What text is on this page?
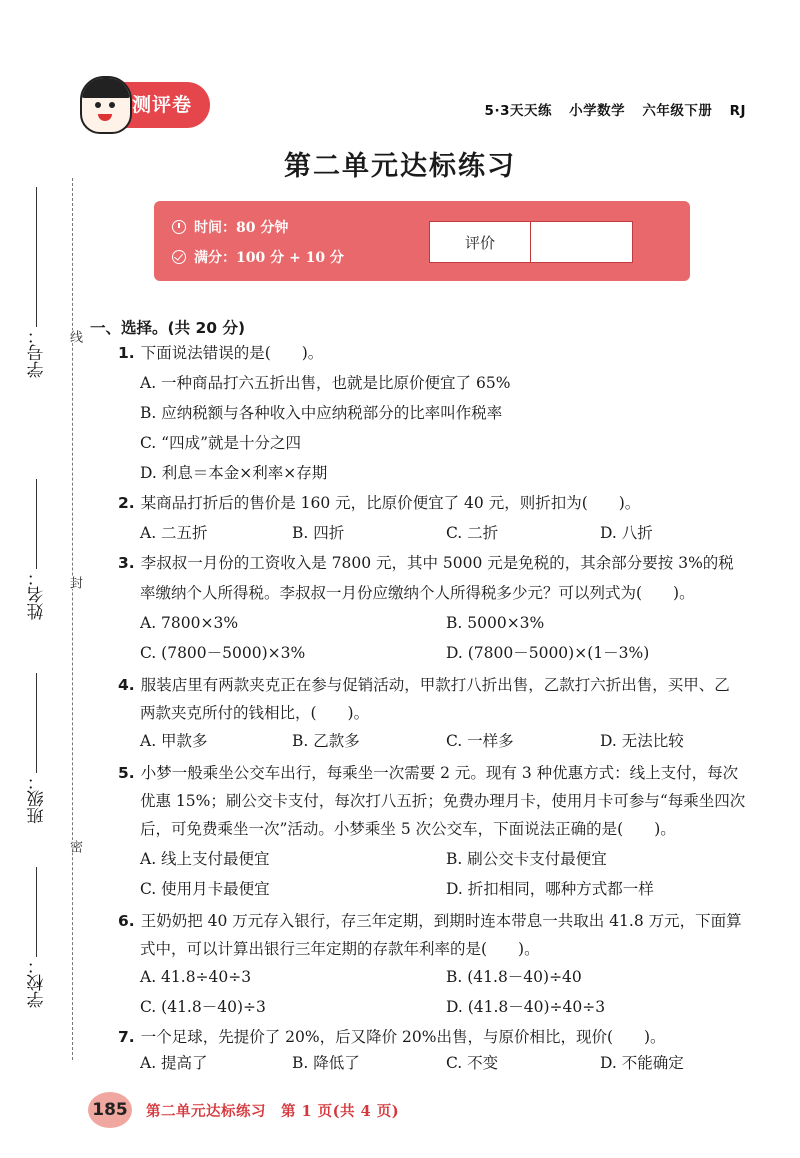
测评卷	5·3天天练 小学数学 六年级下册 RJ
第二单元达标练习
时间：80 分钟
满分：100 分 + 10 分
评价
线
封
密
学号：
姓名：
班级：
学校：
一、选择。(共 20 分)
1. 下面说法错误的是(　　)。
A. 一种商品打六五折出售，也就是比原价便宜了 65%
B. 应纳税额与各种收入中应纳税部分的比率叫作税率
C. “四成”就是十分之四
D. 利息＝本金×利率×存期
2. 某商品打折后的售价是 160 元，比原价便宜了 40 元，则折扣为(　　)。
A. 二五折	B. 四折	C. 二折	D. 八折
3. 李叔叔一月份的工资收入是 7800 元，其中 5000 元是免税的，其余部分要按 3%的税
率缴纳个人所得税。李叔叔一月份应缴纳个人所得税多少元？可以列式为(　　)。
A. 7800×3%	B. 5000×3%
C. (7800－5000)×3%	D. (7800－5000)×(1－3%)
4. 服装店里有两款夹克正在参与促销活动，甲款打八折出售，乙款打六折出售，买甲、乙
两款夹克所付的钱相比，(　　)。
A. 甲款多	B. 乙款多	C. 一样多	D. 无法比较
5. 小梦一般乘坐公交车出行，每乘坐一次需要 2 元。现有 3 种优惠方式：线上支付，每次
优惠 15%；刷公交卡支付，每次打八五折；免费办理月卡，使用月卡可参与“每乘坐四次
后，可免费乘坐一次”活动。小梦乘坐 5 次公交车，下面说法正确的是(　　)。
A. 线上支付最便宜	B. 刷公交卡支付最便宜
C. 使用月卡最便宜	D. 折扣相同，哪种方式都一样
6. 王奶奶把 40 万元存入银行，存三年定期，到期时连本带息一共取出 41.8 万元，下面算
式中，可以计算出银行三年定期的存款年利率的是(　　)。
A. 41.8÷40÷3	B. (41.8－40)÷40
C. (41.8－40)÷3	D. (41.8－40)÷40÷3
7. 一个足球，先提价了 20%，后又降价 20%出售，与原价相比，现价(　　)。
A. 提高了	B. 降低了	C. 不变	D. 不能确定
185 第二单元达标练习　第 1 页(共 4 页)
